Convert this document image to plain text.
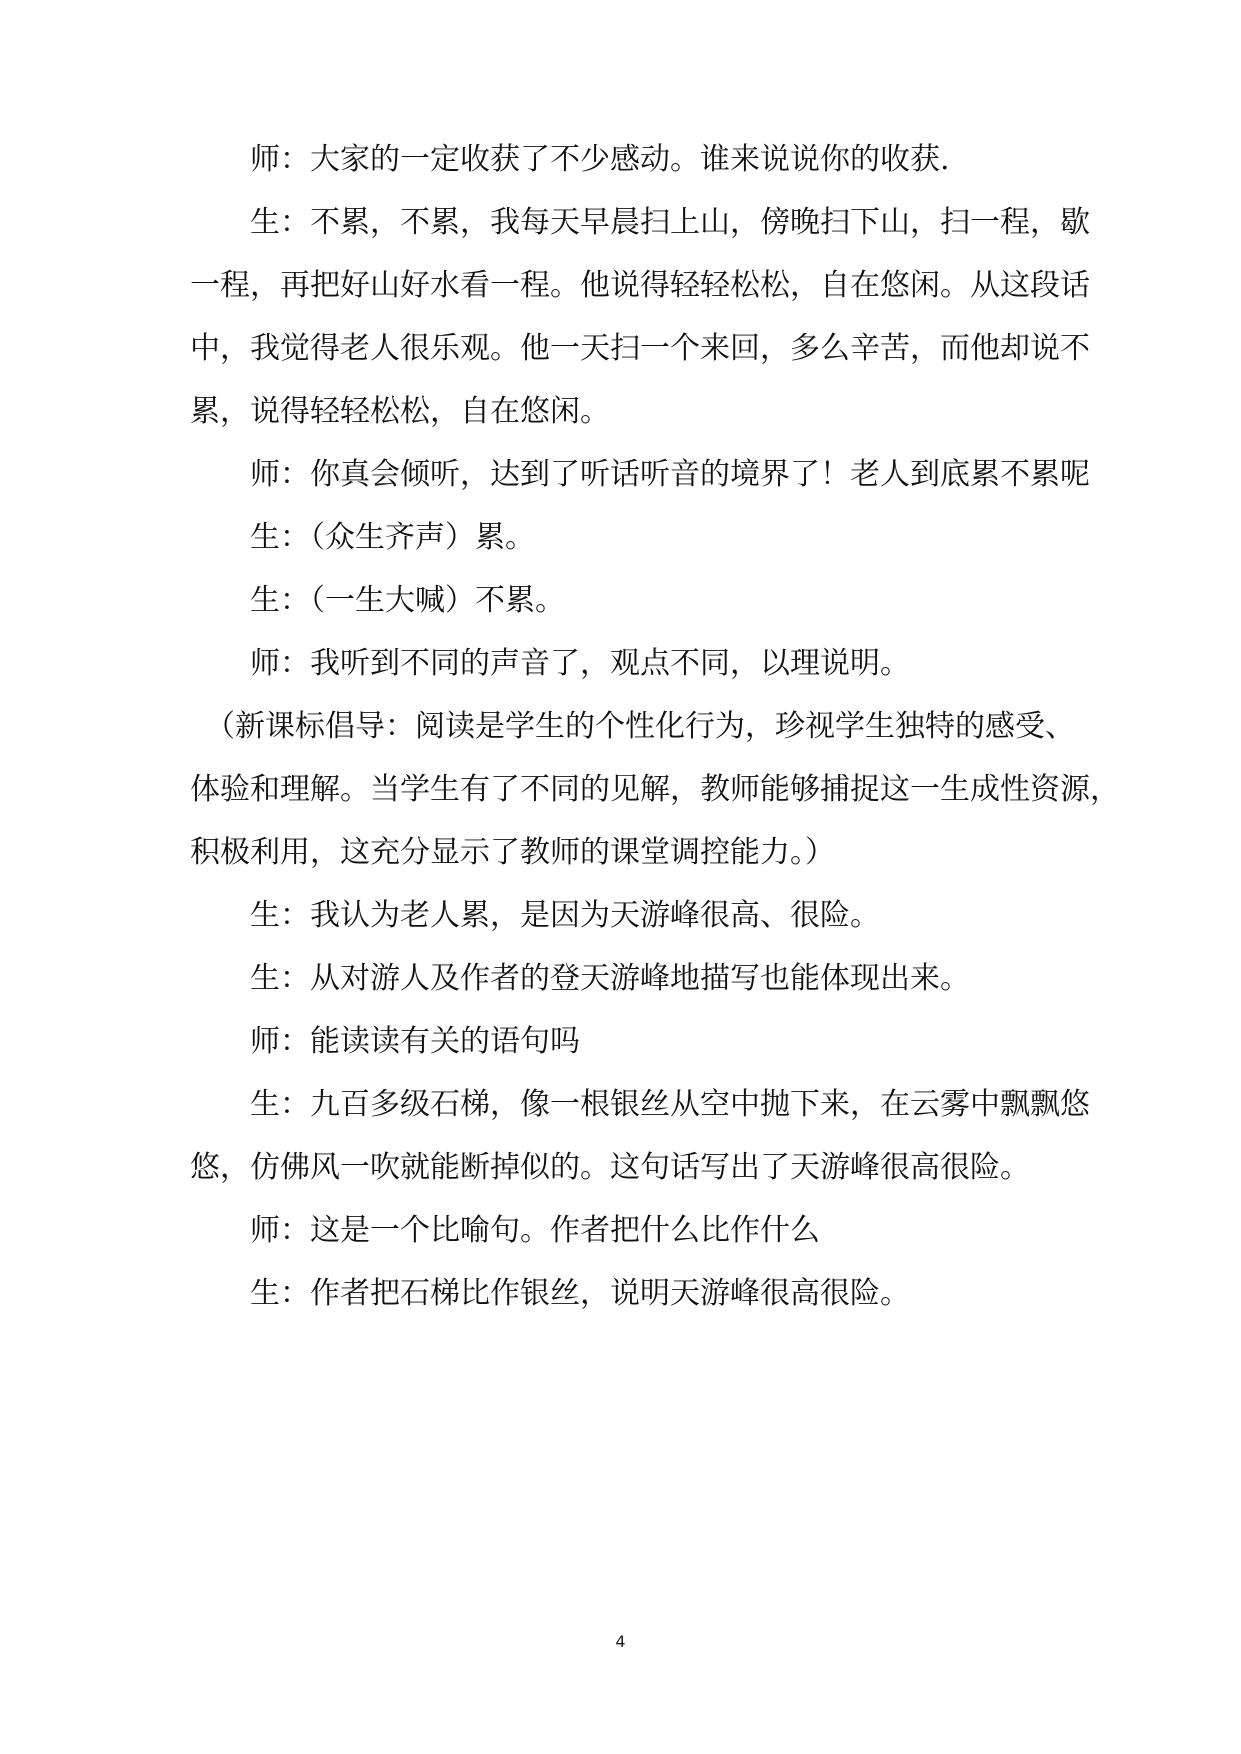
　　师：大家的一定收获了不少感动。谁来说说你的收获.
　　生：不累，不累，我每天早晨扫上山，傍晚扫下山，扫一程，歇
一程，再把好山好水看一程。他说得轻轻松松，自在悠闲。从这段话
中，我觉得老人很乐观。他一天扫一个来回，多么辛苦，而他却说不
累，说得轻轻松松，自在悠闲。
　　师：你真会倾听，达到了听话听音的境界了！老人到底累不累呢
　　生：（众生齐声）累。
　　生：（一生大喊）不累。
　　师：我听到不同的声音了，观点不同，以理说明。
　（新课标倡导：阅读是学生的个性化行为，珍视学生独特的感受、
体验和理解。当学生有了不同的见解，教师能够捕捉这一生成性资源，
积极利用，这充分显示了教师的课堂调控能力。）
　　生：我认为老人累，是因为天游峰很高、很险。
　　生：从对游人及作者的登天游峰地描写也能体现出来。
　　师：能读读有关的语句吗
　　生：九百多级石梯，像一根银丝从空中抛下来，在云雾中飘飘悠
悠，仿佛风一吹就能断掉似的。这句话写出了天游峰很高很险。
　　师：这是一个比喻句。作者把什么比作什么
　　生：作者把石梯比作银丝，说明天游峰很高很险。
4
